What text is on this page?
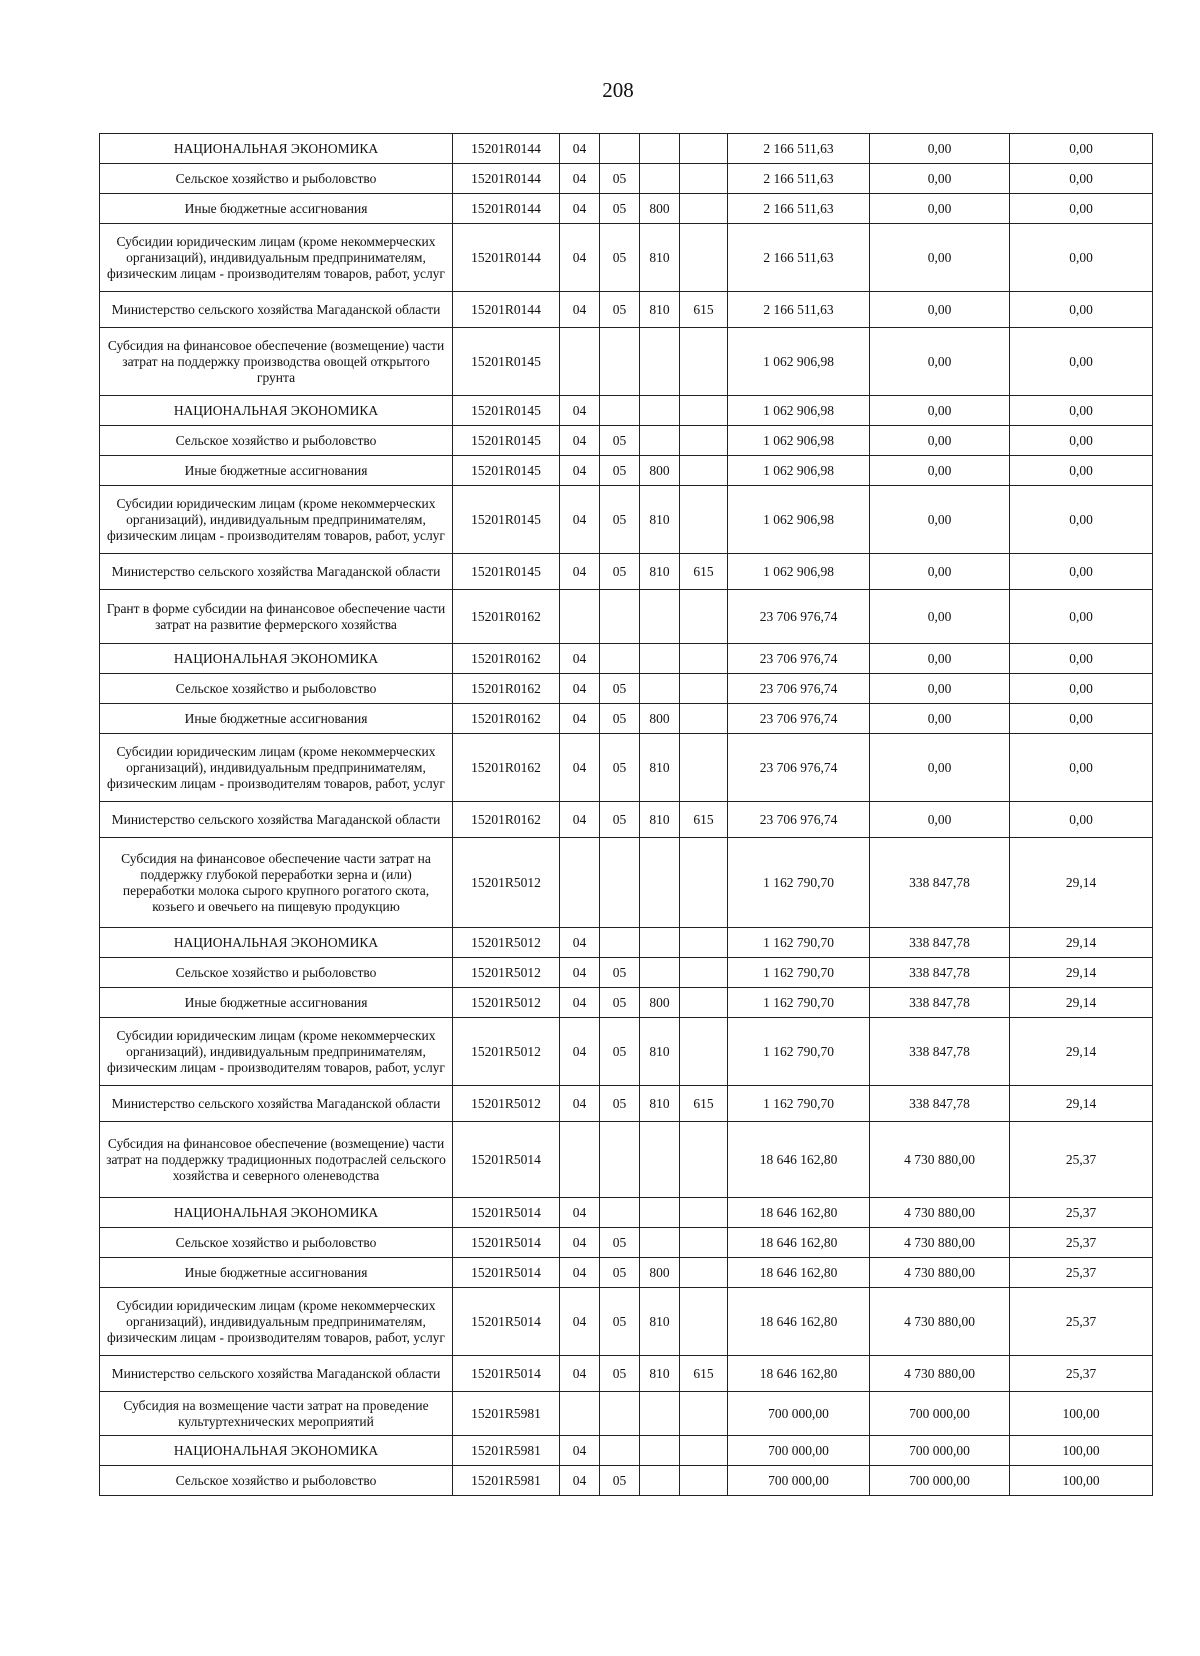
208
НАЦИОНАЛЬНАЯ ЭКОНОМИКА	15201R0144	04				2 166 511,63	0,00	0,00
Сельское хозяйство и рыболовство	15201R0144	04	05			2 166 511,63	0,00	0,00
Иные бюджетные ассигнования	15201R0144	04	05	800		2 166 511,63	0,00	0,00
Субсидии юридическим лицам (кроме некоммерческих организаций), индивидуальным предпринимателям, физическим лицам - производителям товаров, работ, услуг	15201R0144	04	05	810		2 166 511,63	0,00	0,00
Министерство сельского хозяйства Магаданской области	15201R0144	04	05	810	615	2 166 511,63	0,00	0,00
Субсидия на финансовое обеспечение (возмещение) части затрат на поддержку производства овощей открытого грунта	15201R0145					1 062 906,98	0,00	0,00
НАЦИОНАЛЬНАЯ ЭКОНОМИКА	15201R0145	04				1 062 906,98	0,00	0,00
Сельское хозяйство и рыболовство	15201R0145	04	05			1 062 906,98	0,00	0,00
Иные бюджетные ассигнования	15201R0145	04	05	800		1 062 906,98	0,00	0,00
Субсидии юридическим лицам (кроме некоммерческих организаций), индивидуальным предпринимателям, физическим лицам - производителям товаров, работ, услуг	15201R0145	04	05	810		1 062 906,98	0,00	0,00
Министерство сельского хозяйства Магаданской области	15201R0145	04	05	810	615	1 062 906,98	0,00	0,00
Грант в форме субсидии на финансовое обеспечение части затрат на развитие фермерского хозяйства	15201R0162					23 706 976,74	0,00	0,00
НАЦИОНАЛЬНАЯ ЭКОНОМИКА	15201R0162	04				23 706 976,74	0,00	0,00
Сельское хозяйство и рыболовство	15201R0162	04	05			23 706 976,74	0,00	0,00
Иные бюджетные ассигнования	15201R0162	04	05	800		23 706 976,74	0,00	0,00
Субсидии юридическим лицам (кроме некоммерческих организаций), индивидуальным предпринимателям, физическим лицам - производителям товаров, работ, услуг	15201R0162	04	05	810		23 706 976,74	0,00	0,00
Министерство сельского хозяйства Магаданской области	15201R0162	04	05	810	615	23 706 976,74	0,00	0,00
Субсидия на финансовое обеспечение части затрат на поддержку глубокой переработки зерна и (или) переработки молока сырого крупного рогатого скота, козьего и овечьего на пищевую продукцию	15201R5012					1 162 790,70	338 847,78	29,14
НАЦИОНАЛЬНАЯ ЭКОНОМИКА	15201R5012	04				1 162 790,70	338 847,78	29,14
Сельское хозяйство и рыболовство	15201R5012	04	05			1 162 790,70	338 847,78	29,14
Иные бюджетные ассигнования	15201R5012	04	05	800		1 162 790,70	338 847,78	29,14
Субсидии юридическим лицам (кроме некоммерческих организаций), индивидуальным предпринимателям, физическим лицам - производителям товаров, работ, услуг	15201R5012	04	05	810		1 162 790,70	338 847,78	29,14
Министерство сельского хозяйства Магаданской области	15201R5012	04	05	810	615	1 162 790,70	338 847,78	29,14
Субсидия на финансовое обеспечение (возмещение) части затрат на поддержку традиционных подотраслей сельского хозяйства и северного оленеводства	15201R5014					18 646 162,80	4 730 880,00	25,37
НАЦИОНАЛЬНАЯ ЭКОНОМИКА	15201R5014	04				18 646 162,80	4 730 880,00	25,37
Сельское хозяйство и рыболовство	15201R5014	04	05			18 646 162,80	4 730 880,00	25,37
Иные бюджетные ассигнования	15201R5014	04	05	800		18 646 162,80	4 730 880,00	25,37
Субсидии юридическим лицам (кроме некоммерческих организаций), индивидуальным предпринимателям, физическим лицам - производителям товаров, работ, услуг	15201R5014	04	05	810		18 646 162,80	4 730 880,00	25,37
Министерство сельского хозяйства Магаданской области	15201R5014	04	05	810	615	18 646 162,80	4 730 880,00	25,37
Субсидия на возмещение части затрат на проведение культуртехнических мероприятий	15201R5981					700 000,00	700 000,00	100,00
НАЦИОНАЛЬНАЯ ЭКОНОМИКА	15201R5981	04				700 000,00	700 000,00	100,00
Сельское хозяйство и рыболовство	15201R5981	04	05			700 000,00	700 000,00	100,00
